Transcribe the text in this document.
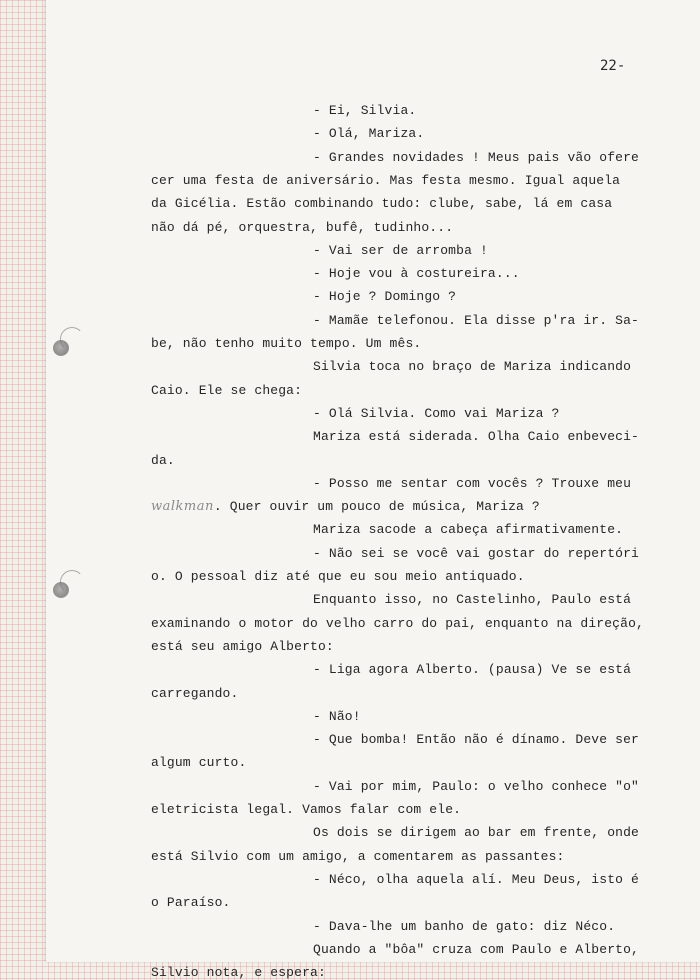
22-
- Ei, Silvia.
- Olá, Mariza.
- Grandes novidades ! Meus pais vão ofere
cer uma festa de aniversário. Mas festa mesmo. Igual aquela
da Gicélia. Estão combinando tudo: clube, sabe, lá em casa
não dá pé, orquestra, bufê, tudinho...
- Vai ser de arromba !
- Hoje vou à costureira...
- Hoje ? Domingo ?
- Mamãe telefonou. Ela disse p'ra ir. Sa-
be, não tenho muito tempo. Um mês.
Silvia toca no braço de Mariza indicando
Caio. Ele se chega:
- Olá Silvia. Como vai Mariza ?
Mariza está siderada. Olha Caio enbeveci-
da.
- Posso me sentar com vocês ? Trouxe meu
walkman. Quer ouvir um pouco de música, Mariza ?
Mariza sacode a cabeça afirmativamente.
- Não sei se você vai gostar do repertóri
o. O pessoal diz até que eu sou meio antiquado.
Enquanto isso, no Castelinho, Paulo está
examinando o motor do velho carro do pai, enquanto na direção,
está seu amigo Alberto:
- Liga agora Alberto. (pausa) Ve se está
carregando.
- Não!
- Que bomba! Então não é dínamo. Deve ser
algum curto.
- Vai por mim, Paulo: o velho conhece "o"
eletricista legal. Vamos falar com ele.
Os dois se dirigem ao bar em frente, onde
está Silvio com um amigo, a comentarem as passantes:
- Néco, olha aquela alí. Meu Deus, isto é
o Paraíso.
- Dava-lhe um banho de gato: diz Néco.
Quando a "bôa" cruza com Paulo e Alberto,
Silvio nota, e espera:
